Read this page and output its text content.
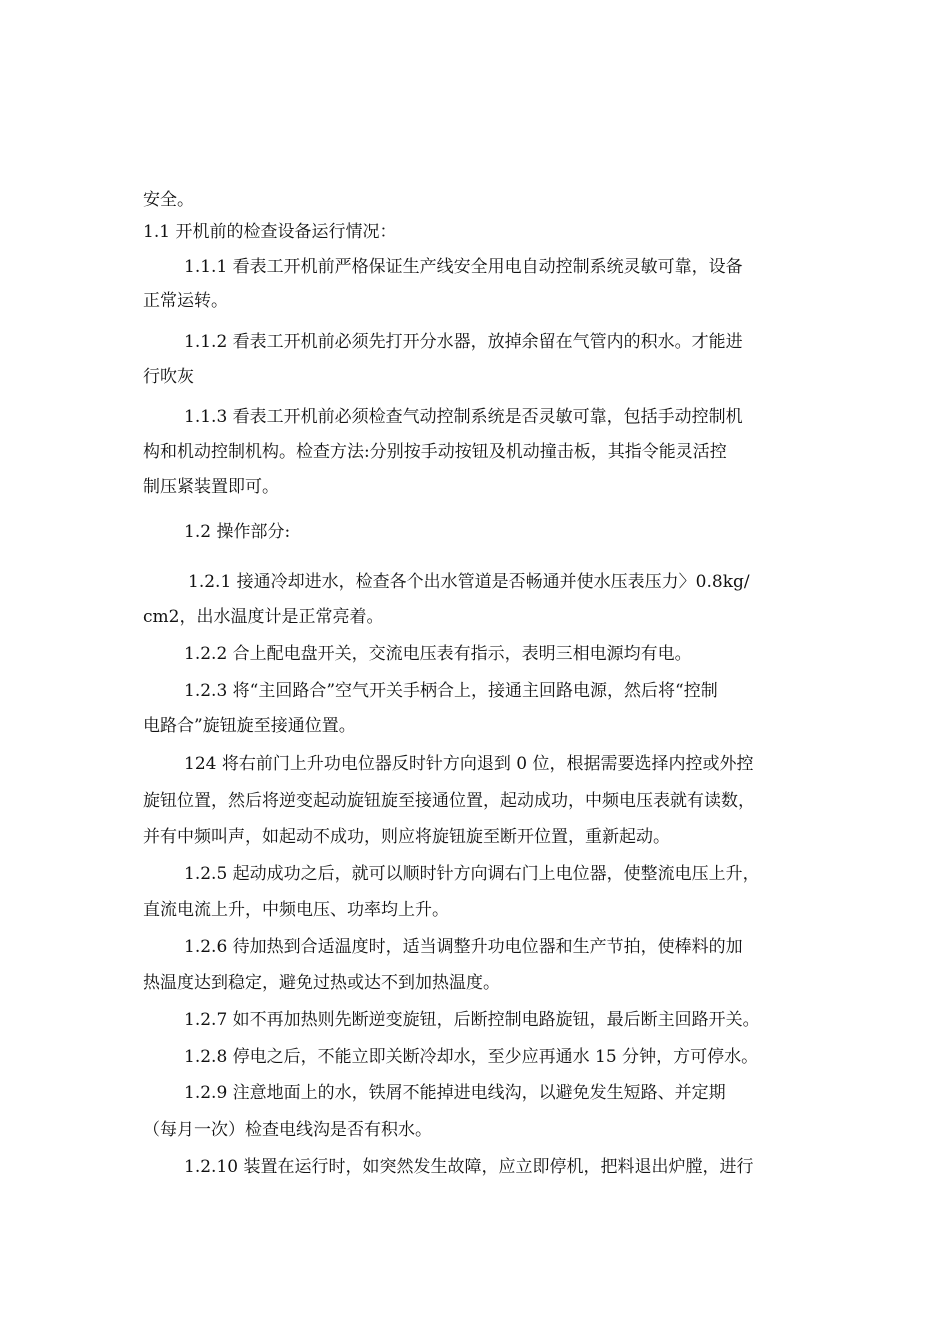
安全。
1.1 开机前的检查设备运行情况：
1.1.1 看表工开机前严格保证生产线安全用电自动控制系统灵敏可靠，设备
正常运转。
1.1.2 看表工开机前必须先打开分水器，放掉余留在气管内的积水。才能进
行吹灰
1.1.3 看表工开机前必须检查气动控制系统是否灵敏可靠，包括手动控制机
构和机动控制机构。检查方法:分别按手动按钮及机动撞击板，其指令能灵活控
制压紧装置即可。
1.2 操作部分:
1.2.1 接通冷却进水，检查各个出水管道是否畅通并使水压表压力〉0.8kg/
cm2，出水温度计是正常亮着。
1.2.2 合上配电盘开关，交流电压表有指示，表明三相电源均有电。
1.2.3 将“主回路合”空气开关手柄合上，接通主回路电源，然后将“控制
电路合”旋钮旋至接通位置。
124 将右前门上升功电位器反时针方向退到 0 位，根据需要选择内控或外控
旋钮位置，然后将逆变起动旋钮旋至接通位置，起动成功，中频电压表就有读数，
并有中频叫声，如起动不成功，则应将旋钮旋至断开位置，重新起动。
1.2.5 起动成功之后，就可以顺时针方向调右门上电位器，使整流电压上升，
直流电流上升，中频电压、功率均上升。
1.2.6 待加热到合适温度时，适当调整升功电位器和生产节拍，使棒料的加
热温度达到稳定，避免过热或达不到加热温度。
1.2.7 如不再加热则先断逆变旋钮，后断控制电路旋钮，最后断主回路开关。
1.2.8 停电之后，不能立即关断冷却水，至少应再通水 15 分钟，方可停水。
1.2.9 注意地面上的水，铁屑不能掉进电线沟，以避免发生短路、并定期
（每月一次）检查电线沟是否有积水。
1.2.10 装置在运行时，如突然发生故障，应立即停机，把料退出炉膛，进行
